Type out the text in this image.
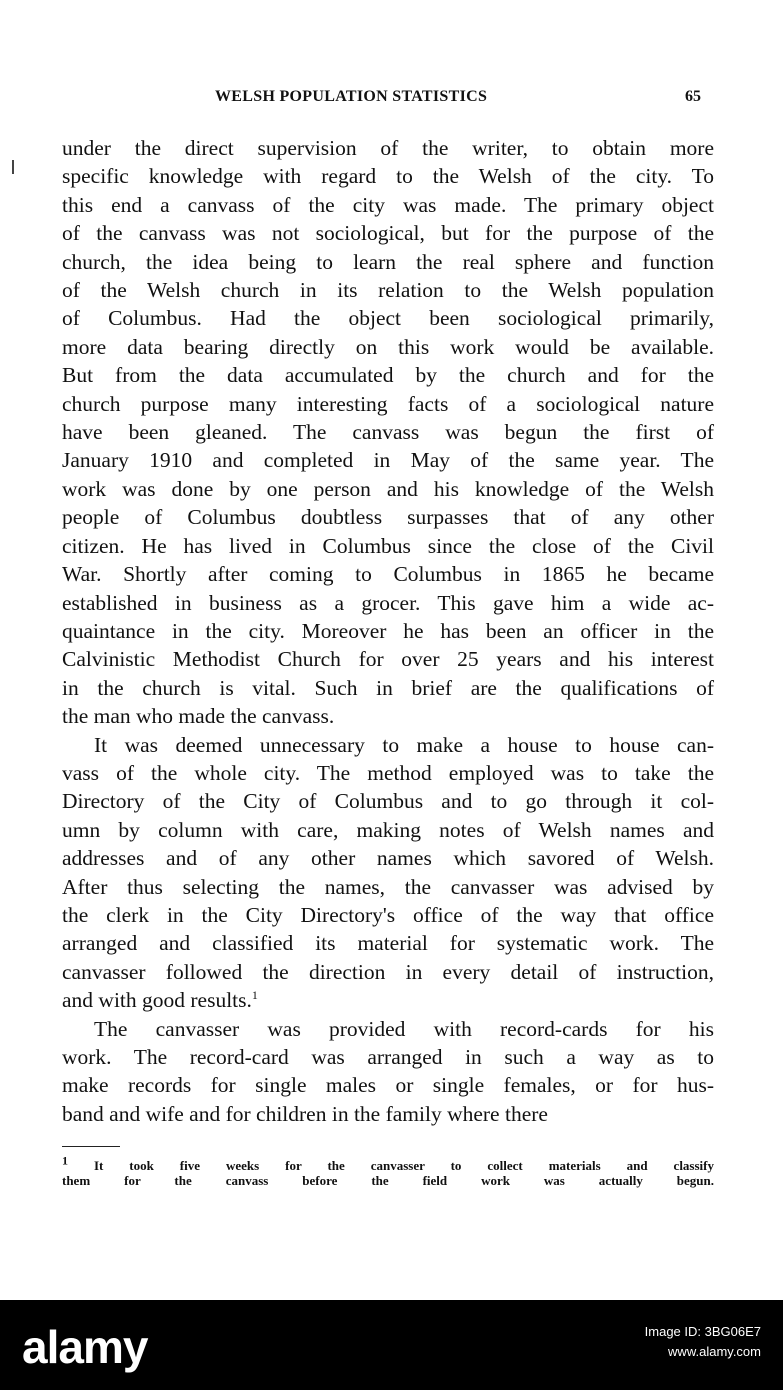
WELSH POPULATION STATISTICS	65
under the direct supervision of the writer, to obtain more
specific knowledge with regard to the Welsh of the city. To
this end a canvass of the city was made. The primary object
of the canvass was not sociological, but for the purpose of the
church, the idea being to learn the real sphere and function
of the Welsh church in its relation to the Welsh population
of Columbus. Had the object been sociological primarily,
more data bearing directly on this work would be available.
But from the data accumulated by the church and for the
church purpose many interesting facts of a sociological nature
have been gleaned. The canvass was begun the first of
January 1910 and completed in May of the same year. The
work was done by one person and his knowledge of the Welsh
people of Columbus doubtless surpasses that of any other
citizen. He has lived in Columbus since the close of the Civil
War. Shortly after coming to Columbus in 1865 he became
established in business as a grocer. This gave him a wide ac-
quaintance in the city. Moreover he has been an officer in the
Calvinistic Methodist Church for over 25 years and his interest
in the church is vital. Such in brief are the qualifications of
the man who made the canvass.
It was deemed unnecessary to make a house to house can-
vass of the whole city. The method employed was to take the
Directory of the City of Columbus and to go through it col-
umn by column with care, making notes of Welsh names and
addresses and of any other names which savored of Welsh.
After thus selecting the names, the canvasser was advised by
the clerk in the City Directory's office of the way that office
arranged and classified its material for systematic work. The
canvasser followed the direction in every detail of instruction,
and with good results.$^1$
The canvasser was provided with record-cards for his
work. The record-card was arranged in such a way as to
make records for single males or single females, or for hus-
band and wife and for children in the family where there
$^1$ It took five weeks for the canvasser to collect materials and classify
them	for the canvass before the field work was actually begun.
alamy	Image ID: 3BG06E7
www.alamy.com
